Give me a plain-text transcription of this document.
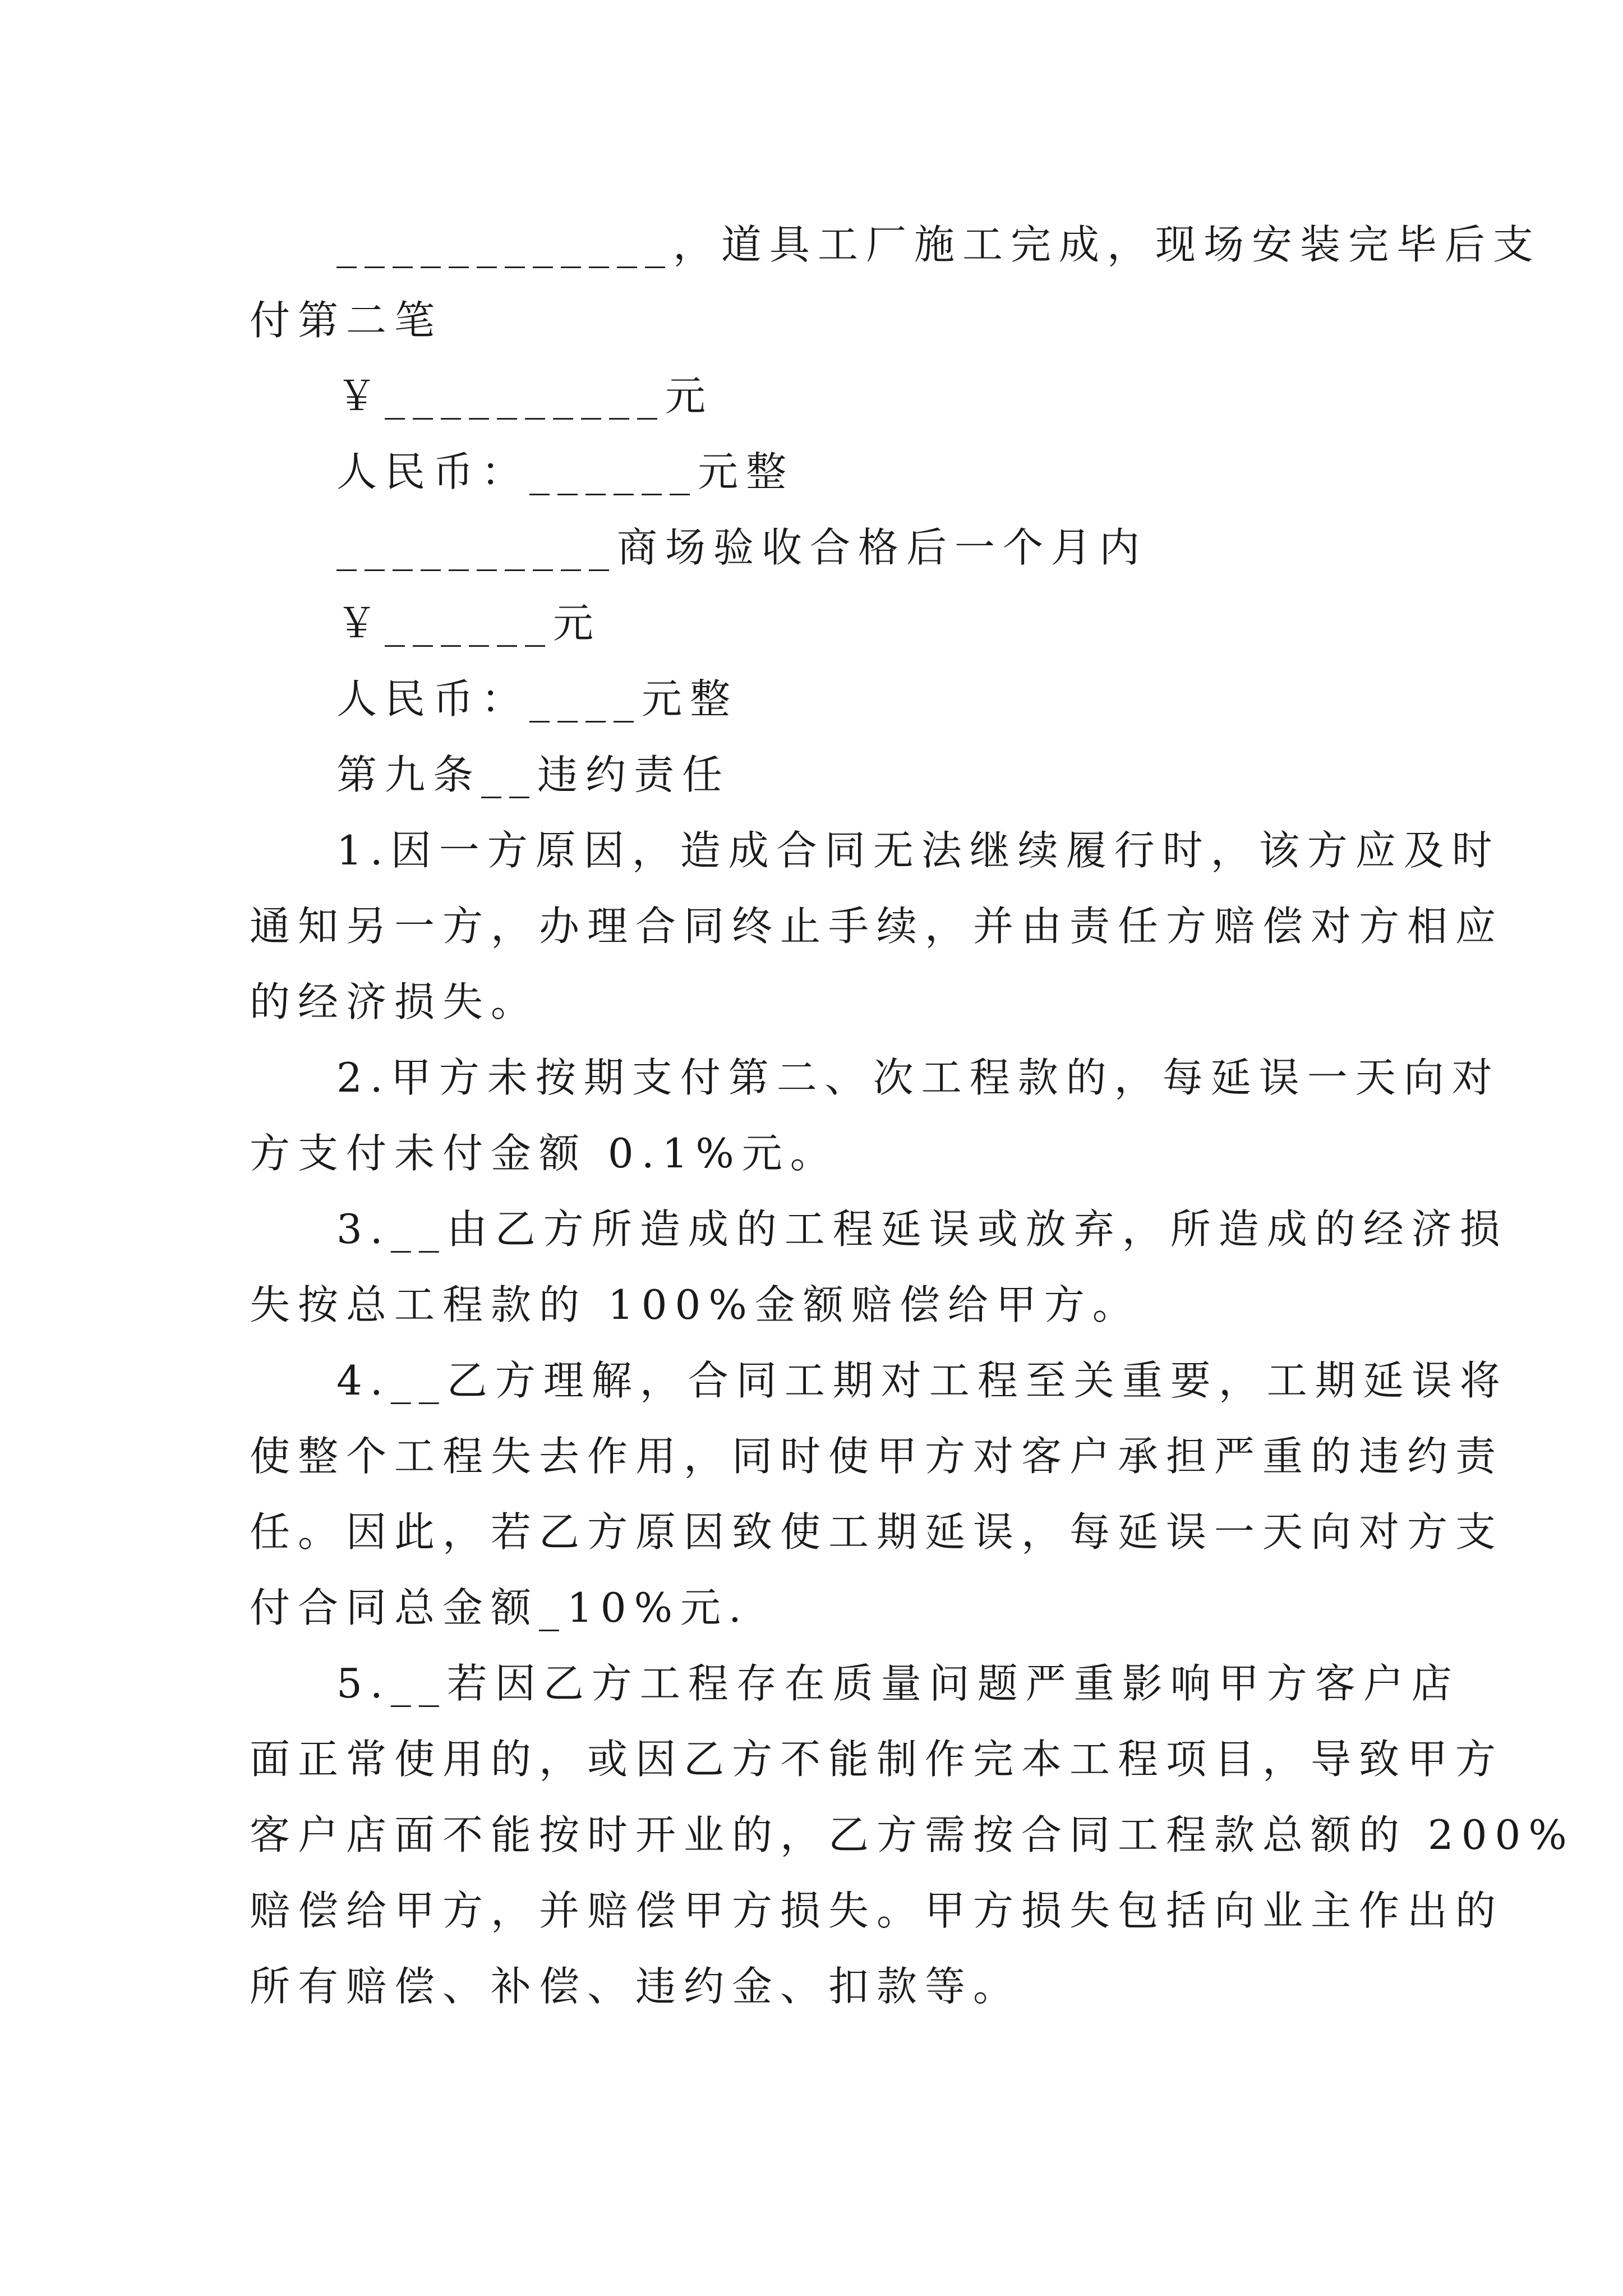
____________，道具工厂施工完成，现场安装完毕后支
付第二笔
￥__________元
人民币：______元整
__________商场验收合格后一个月内
￥______元
人民币：____元整
第九条__违约责任
1.因一方原因，造成合同无法继续履行时，该方应及时
通知另一方，办理合同终止手续，并由责任方赔偿对方相应
的经济损失。
2.甲方未按期支付第二、次工程款的，每延误一天向对
方支付未付金额 0.1%元。
3.__由乙方所造成的工程延误或放弃，所造成的经济损
失按总工程款的 100%金额赔偿给甲方。
4.__乙方理解，合同工期对工程至关重要，工期延误将
使整个工程失去作用，同时使甲方对客户承担严重的违约责
任。因此，若乙方原因致使工期延误，每延误一天向对方支
付合同总金额_10%元.
5.__若因乙方工程存在质量问题严重影响甲方客户店
面正常使用的，或因乙方不能制作完本工程项目，导致甲方
客户店面不能按时开业的，乙方需按合同工程款总额的 200%
赔偿给甲方，并赔偿甲方损失。甲方损失包括向业主作出的
所有赔偿、补偿、违约金、扣款等。
